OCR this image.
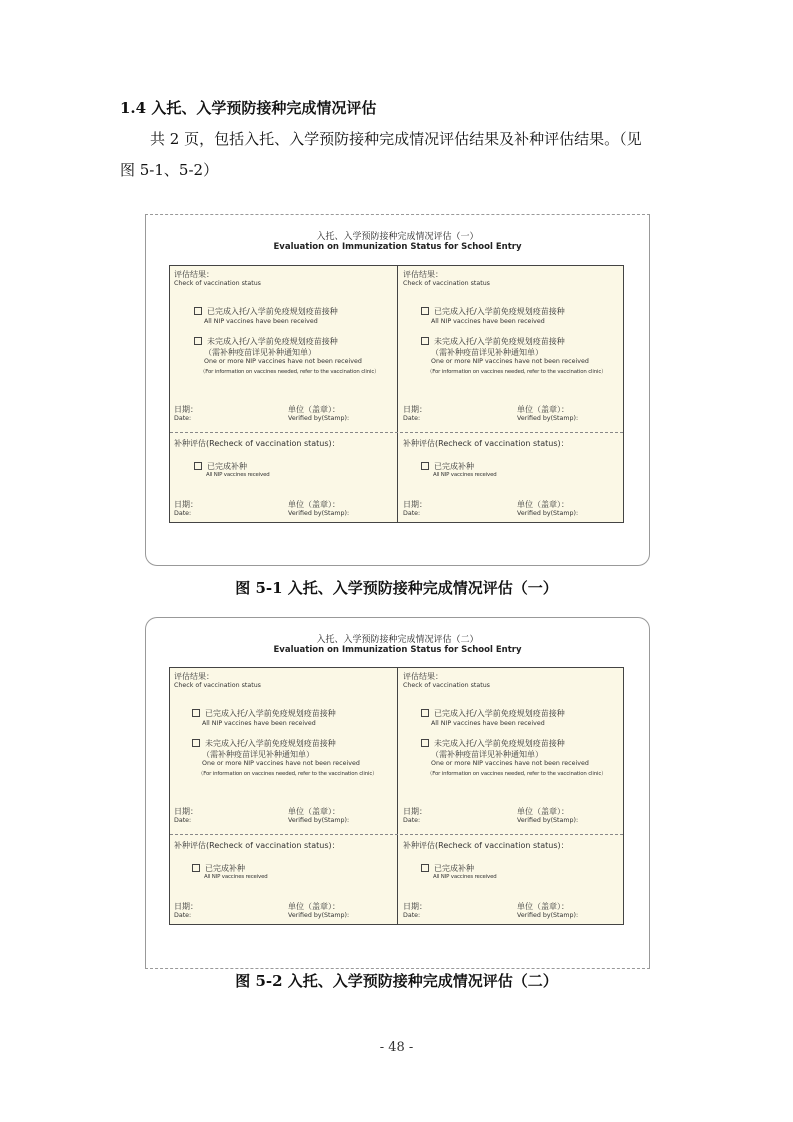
1.4 入托、入学预防接种完成情况评估
共 2 页，包括入托、入学预防接种完成情况评估结果及补种评估结果。（见
图 5-1、5-2）
入托、入学预防接种完成情况评估（一）
Evaluation on Immunization Status for School Entry
评估结果：
Check of vaccination status
已完成入托/入学前免疫规划疫苗接种
All NIP vaccines have been received
未完成入托/入学前免疫规划疫苗接种
（需补种疫苗详见补种通知单）
One or more NIP vaccines have not been received
（For information on vaccines needed, refer to the vaccination clinic）
日期：
Date:
单位（盖章）：
Verified by(Stamp):
补种评估(Recheck of vaccination status)：
已完成补种
All NIP vaccines received
日期：
Date:
单位（盖章）：
Verified by(Stamp):
评估结果：
Check of vaccination status
已完成入托/入学前免疫规划疫苗接种
All NIP vaccines have been received
未完成入托/入学前免疫规划疫苗接种
（需补种疫苗详见补种通知单）
One or more NIP vaccines have not been received
（For information on vaccines needed, refer to the vaccination clinic）
日期：
Date:
单位（盖章）：
Verified by(Stamp):
补种评估(Recheck of vaccination status)：
已完成补种
All NIP vaccines received
日期：
Date:
单位（盖章）：
Verified by(Stamp):
图 5-1 入托、入学预防接种完成情况评估（一）
入托、入学预防接种完成情况评估（二）
Evaluation on Immunization Status for School Entry
评估结果：
Check of vaccination status
已完成入托/入学前免疫规划疫苗接种
All NIP vaccines have been received
未完成入托/入学前免疫规划疫苗接种
（需补种疫苗详见补种通知单）
One or more NIP vaccines have not been received
（For information on vaccines needed, refer to the vaccination clinic）
日期：
Date:
单位（盖章）：
Verified by(Stamp):
补种评估(Recheck of vaccination status)：
已完成补种
All NIP vaccines received
日期：
Date:
单位（盖章）：
Verified by(Stamp):
评估结果：
Check of vaccination status
已完成入托/入学前免疫规划疫苗接种
All NIP vaccines have been received
未完成入托/入学前免疫规划疫苗接种
（需补种疫苗详见补种通知单）
One or more NIP vaccines have not been received
（For information on vaccines needed, refer to the vaccination clinic）
日期：
Date:
单位（盖章）：
Verified by(Stamp):
补种评估(Recheck of vaccination status)：
已完成补种
All NIP vaccines received
日期：
Date:
单位（盖章）：
Verified by(Stamp):
图 5-2 入托、入学预防接种完成情况评估（二）
- 48 -
